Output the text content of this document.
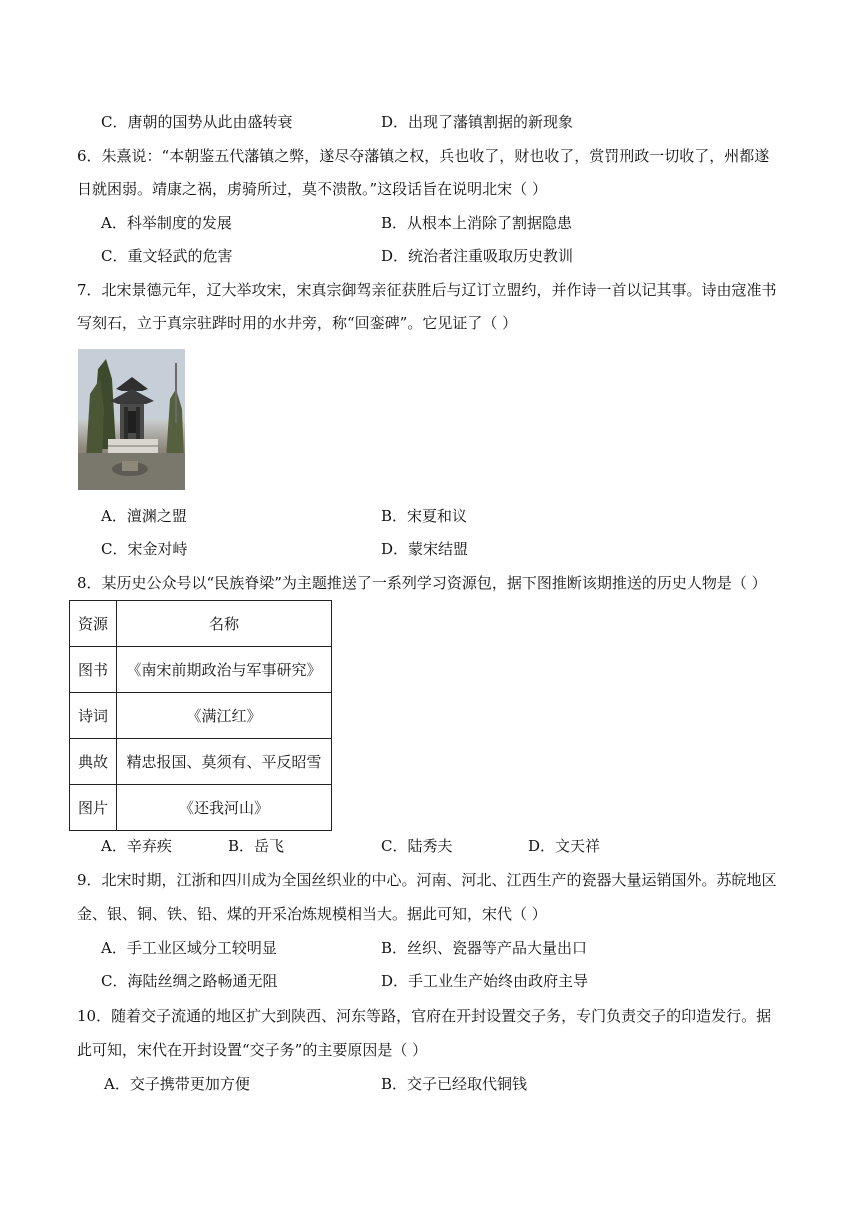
C．唐朝的国势从此由盛转衰	D．出现了藩镇割据的新现象
6．朱熹说：“本朝鉴五代藩镇之弊，遂尽夺藩镇之权，兵也收了，财也收了，赏罚刑政一切收了，州都遂
日就困弱。靖康之祸，虏骑所过，莫不溃散。”这段话旨在说明北宋（ ）
A．科举制度的发展	B．从根本上消除了割据隐患
C．重文轻武的危害	D．统治者注重吸取历史教训
7．北宋景德元年，辽大举攻宋，宋真宗御驾亲征获胜后与辽订立盟约，并作诗一首以记其事。诗由寇准书
写刻石，立于真宗驻跸时用的水井旁，称“回銮碑”。它见证了（ ）
A．澶渊之盟	B．宋夏和议
C．宋金对峙	D．蒙宋结盟
8．某历史公众号以“民族脊梁”为主题推送了一系列学习资源包，据下图推断该期推送的历史人物是（ ）
资源	名称
图书	《南宋前期政治与军事研究》
诗词	《满江红》
典故	精忠报国、莫须有、平反昭雪
图片	《还我河山》
A．辛弃疾	B．岳飞	C．陆秀夫	D．文天祥
9．北宋时期，江浙和四川成为全国丝织业的中心。河南、河北、江西生产的瓷器大量运销国外。苏皖地区
金、银、铜、铁、铅、煤的开采冶炼规模相当大。据此可知，宋代（ ）
A．手工业区域分工较明显	B．丝织、瓷器等产品大量出口
C．海陆丝绸之路畅通无阻	D．手工业生产始终由政府主导
10．随着交子流通的地区扩大到陕西、河东等路，官府在开封设置交子务，专门负责交子的印造发行。据
此可知，宋代在开封设置“交子务”的主要原因是（ ）
A．交子携带更加方便	B．交子已经取代铜钱
